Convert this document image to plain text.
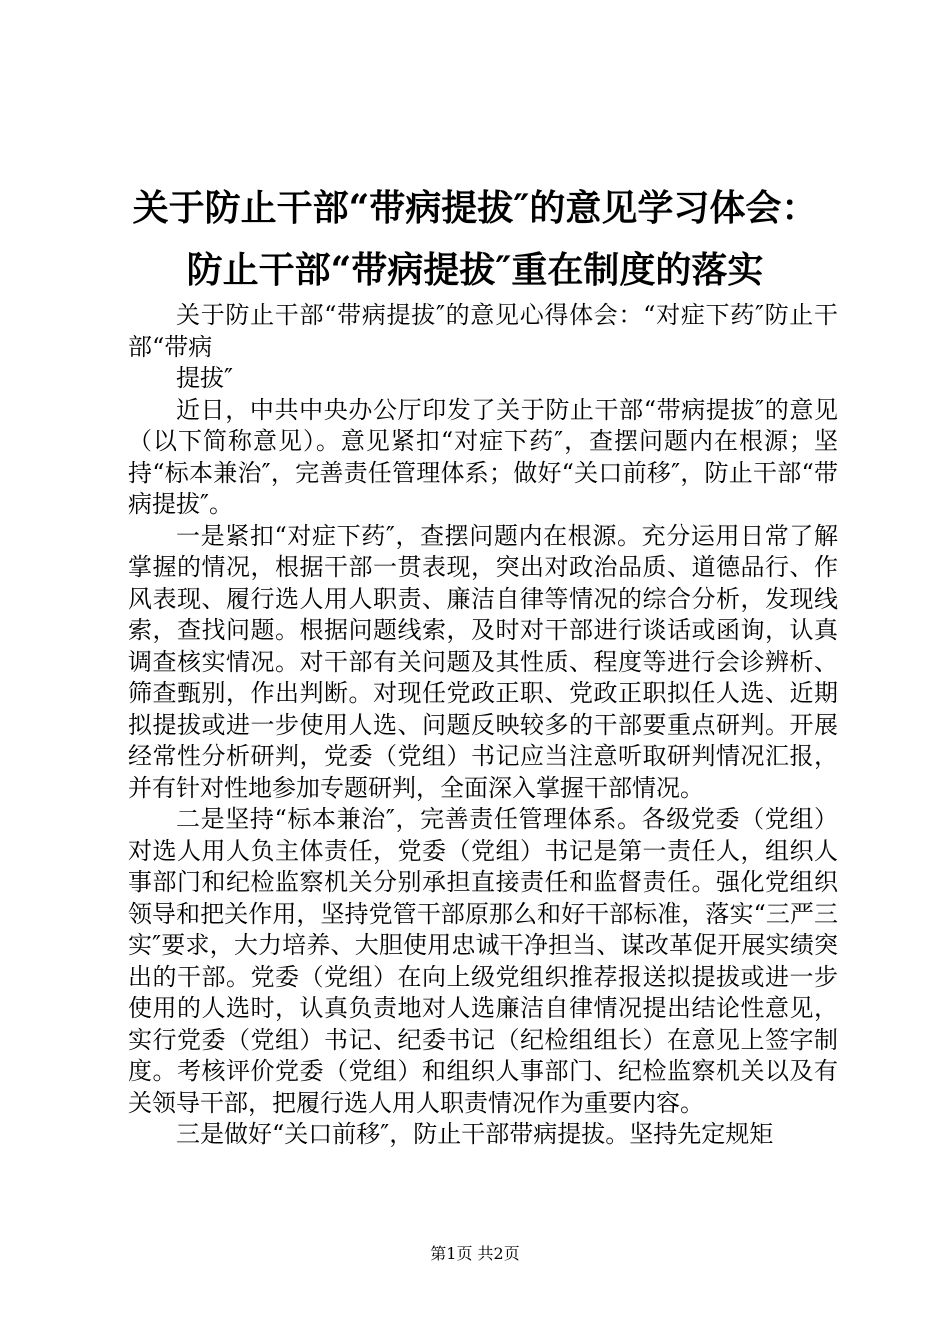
关于防止干部“带病提拔″的意见学习体会：
防止干部“带病提拔″重在制度的落实

关于防止干部“带病提拔″的意见心得体会：“对症下药″防止干部“带病

提拔″

近日，中共中央办公厅印发了关于防止干部“带病提拔″的意见（以下简称意见）。意见紧扣“对症下药″，查摆问题内在根源；坚持“标本兼治″，完善责任管理体系；做好“关口前移″，防止干部“带病提拔″。

一是紧扣“对症下药″，查摆问题内在根源。充分运用日常了解掌握的情况，根据干部一贯表现，突出对政治品质、道德品行、作风表现、履行选人用人职责、廉洁自律等情况的综合分析，发现线索，查找问题。根据问题线索，及时对干部进行谈话或函询，认真调查核实情况。对干部有关问题及其性质、程度等进行会诊辨析、筛查甄别，作出判断。对现任党政正职、党政正职拟任人选、近期拟提拔或进一步使用人选、问题反映较多的干部要重点研判。开展经常性分析研判，党委（党组）书记应当注意听取研判情况汇报，并有针对性地参加专题研判，全面深入掌握干部情况。

二是坚持“标本兼治″，完善责任管理体系。各级党委（党组）对选人用人负主体责任，党委（党组）书记是第一责任人，组织人事部门和纪检监察机关分别承担直接责任和监督责任。强化党组织领导和把关作用，坚持党管干部原那么和好干部标准，落实“三严三实″要求，大力培养、大胆使用忠诚干净担当、谋改革促开展实绩突出的干部。党委（党组）在向上级党组织推荐报送拟提拔或进一步使用的人选时，认真负责地对人选廉洁自律情况提出结论性意见，实行党委（党组）书记、纪委书记（纪检组组长）在意见上签字制度。考核评价党委（党组）和组织人事部门、纪检监察机关以及有关领导干部，把履行选人用人职责情况作为重要内容。

三是做好“关口前移″，防止干部带病提拔。坚持先定规矩

第1页 共2页
